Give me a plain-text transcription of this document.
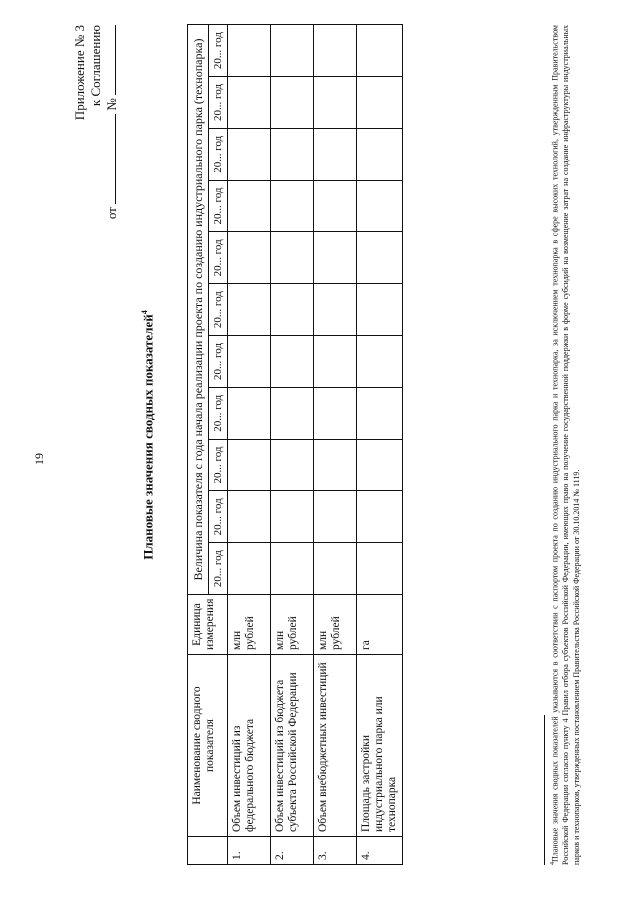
19
Приложение № 3 к Соглашению
от  №
Плановые значения сводных показателей$^4$
	Наименование сводного показателя	Единица измерения	Величина показателя с года начала реализации проекта по созданию индустриального парка (технопарка)										
			20... год	20... год	20... год	20... год	20... год	20... год	20... год	20... год	20... год	20... год	20... год
1.	Объем инвестиций из федерального бюджета	млн рублей											
2.	Объем инвестиций из бюджета субъекта Российской Федерации	млн рублей											
3.	Объем внебюджетных инвестиций	млн рублей											
4.	Площадь застройки индустриального парка или технопарка	га											
$^4$Плановые значения сводных показателей указываются в соответствии с паспортом проекта по созданию индустриального парка и технопарка, за исключением технопарка в сфере высоких технологий, утвержденным Правительством Российской Федерации согласно пункту 4 Правил отбора субъектов Российской Федерации, имеющих право на получение государственной поддержки в форме субсидий на возмещение затрат на создание инфраструктуры индустриальных парков и технопарков, утвержденных постановлением Правительства Российской Федерации от 30.10.2014 № 1119.
